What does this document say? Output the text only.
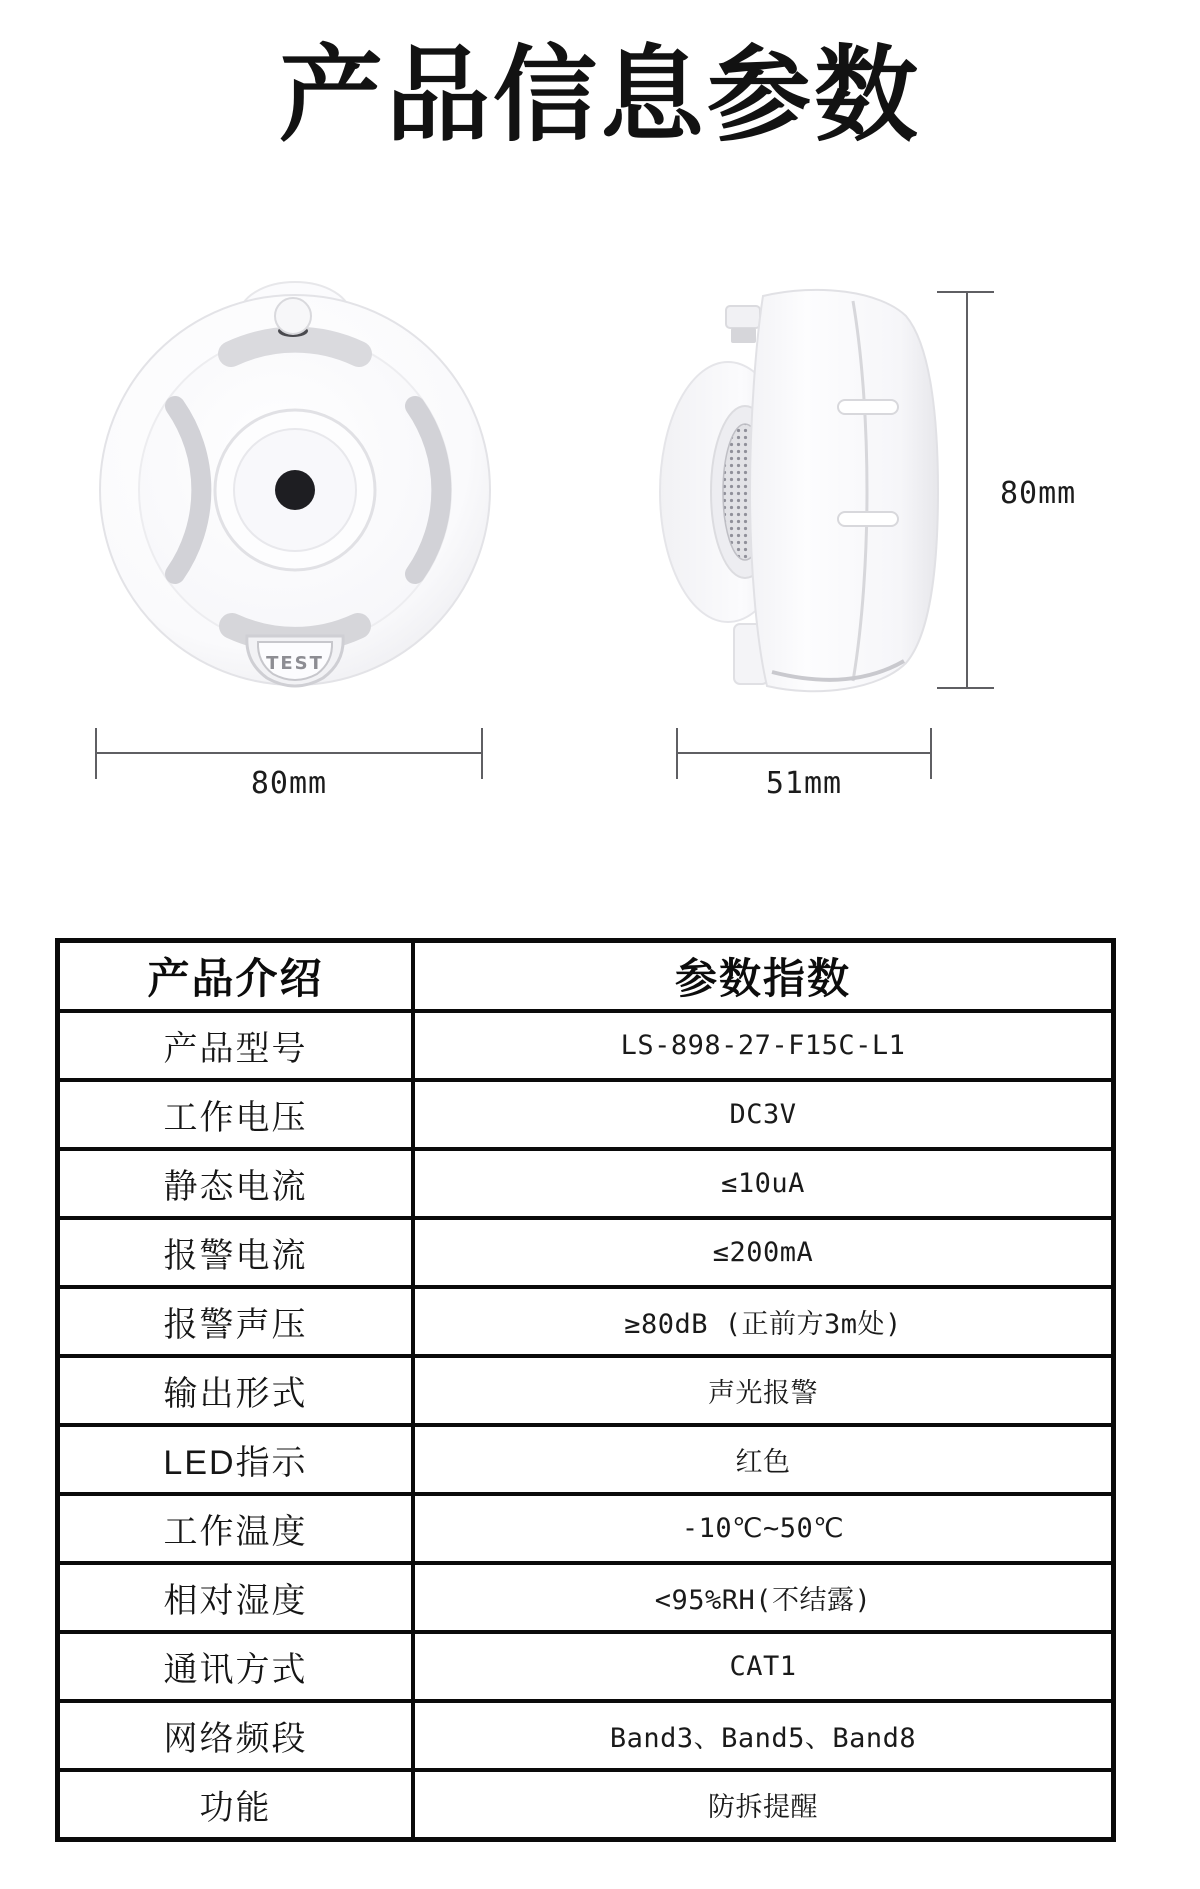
产品信息参数
TEST
80mm	51mm
80mm
产品介绍	参数指数
产品型号	LS-898-27-F15C-L1
工作电压	DC3V
静态电流	≤10uA
报警电流	≤200mA
报警声压	≥80dB (正前方3m处)
输出形式	声光报警
LED指示	红色
工作温度	-10℃~50℃
相对湿度	<95%RH(不结露)
通讯方式	CAT1
网络频段	Band3、Band5、Band8
功能	防拆提醒
